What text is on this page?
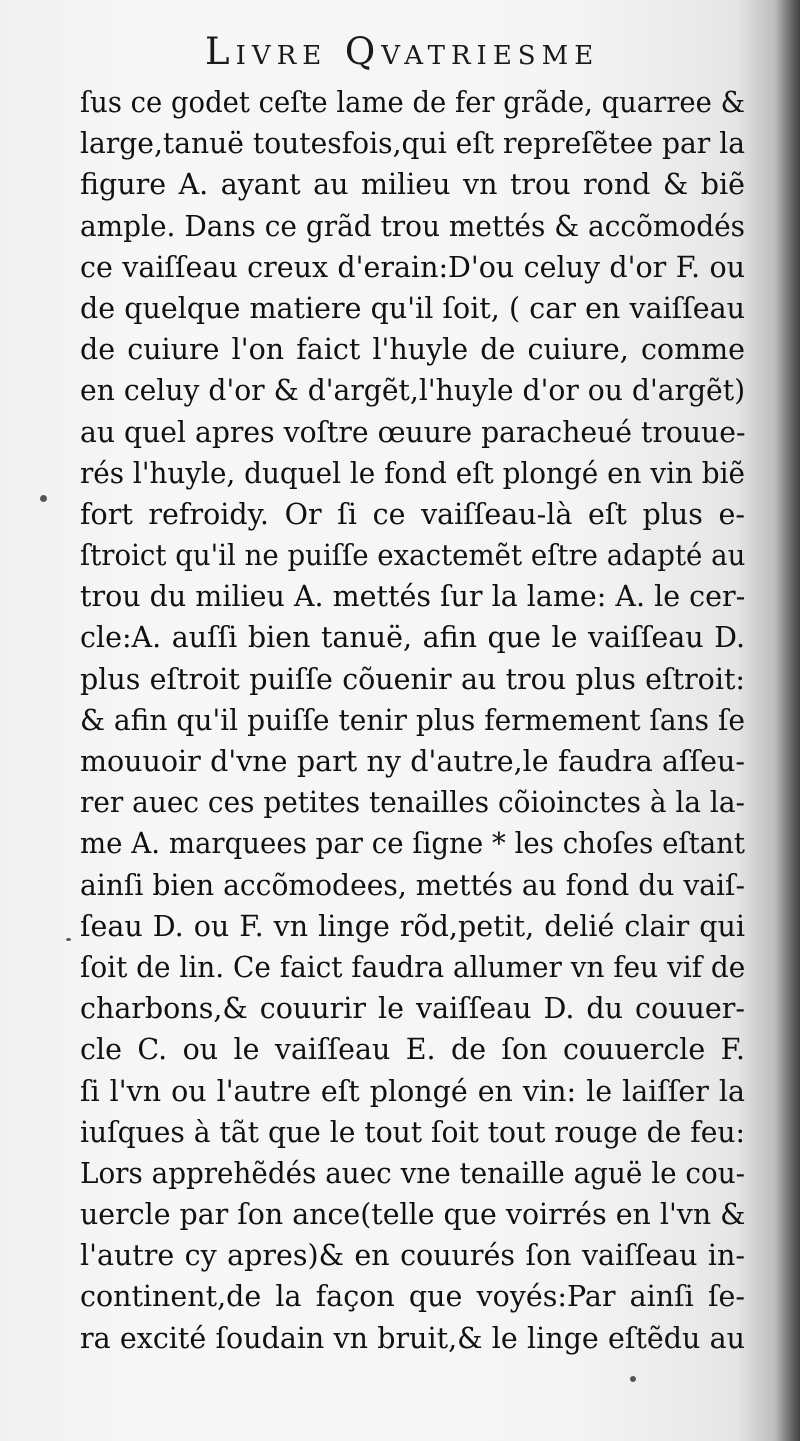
Livre Qvatriesme
ſus ce godet ceſte lame de fer grãde, quarree &
large,tanuë toutesfois,qui eſt repreſẽtee par la
figure A. ayant au milieu vn trou rond & biẽ
ample. Dans ce grãd trou mettés & accõmodés
ce vaiſſeau creux d'erain:D'ou celuy d'or F. ou
de quelque matiere qu'il ſoit, ( car en vaiſſeau
de cuiure l'on faict l'huyle de cuiure, comme
en celuy d'or & d'argẽt,l'huyle d'or ou d'argẽt)
au quel apres voſtre œuure paracheué trouue-
rés l'huyle, duquel le fond eſt plongé en vin biẽ
fort refroidy. Or ſi ce vaiſſeau-là eſt plus e-
ſtroict qu'il ne puiſſe exactemẽt eſtre adapté au
trou du milieu A. mettés ſur la lame: A. le cer-
cle:A. auſſi bien tanuë, afin que le vaiſſeau D.
plus eſtroit puiſſe cõuenir au trou plus eſtroit:
& afin qu'il puiſſe tenir plus fermement ſans ſe
mouuoir d'vne part ny d'autre,le faudra aſſeu-
rer auec ces petites tenailles cõioinctes à la la-
me A. marquees par ce ſigne * les choſes eſtant
ainſi bien accõmodees, mettés au fond du vaiſ-
ſeau D. ou F. vn linge rõd,petit, delié clair qui
ſoit de lin. Ce faict faudra allumer vn feu vif de
charbons,& couurir le vaiſſeau D. du couuer-
cle C. ou le vaiſſeau E. de ſon couuercle F.
ſi l'vn ou l'autre eſt plongé en vin: le laiſſer la
iuſques à tãt que le tout ſoit tout rouge de feu:
Lors apprehẽdés auec vne tenaille aguë le cou-
uercle par ſon ance(telle que voirrés en l'vn &
l'autre cy apres)& en couurés ſon vaiſſeau in-
continent,de la façon que voyés:Par ainſi ſe-
ra excité ſoudain vn bruit,& le linge eſtẽdu au
